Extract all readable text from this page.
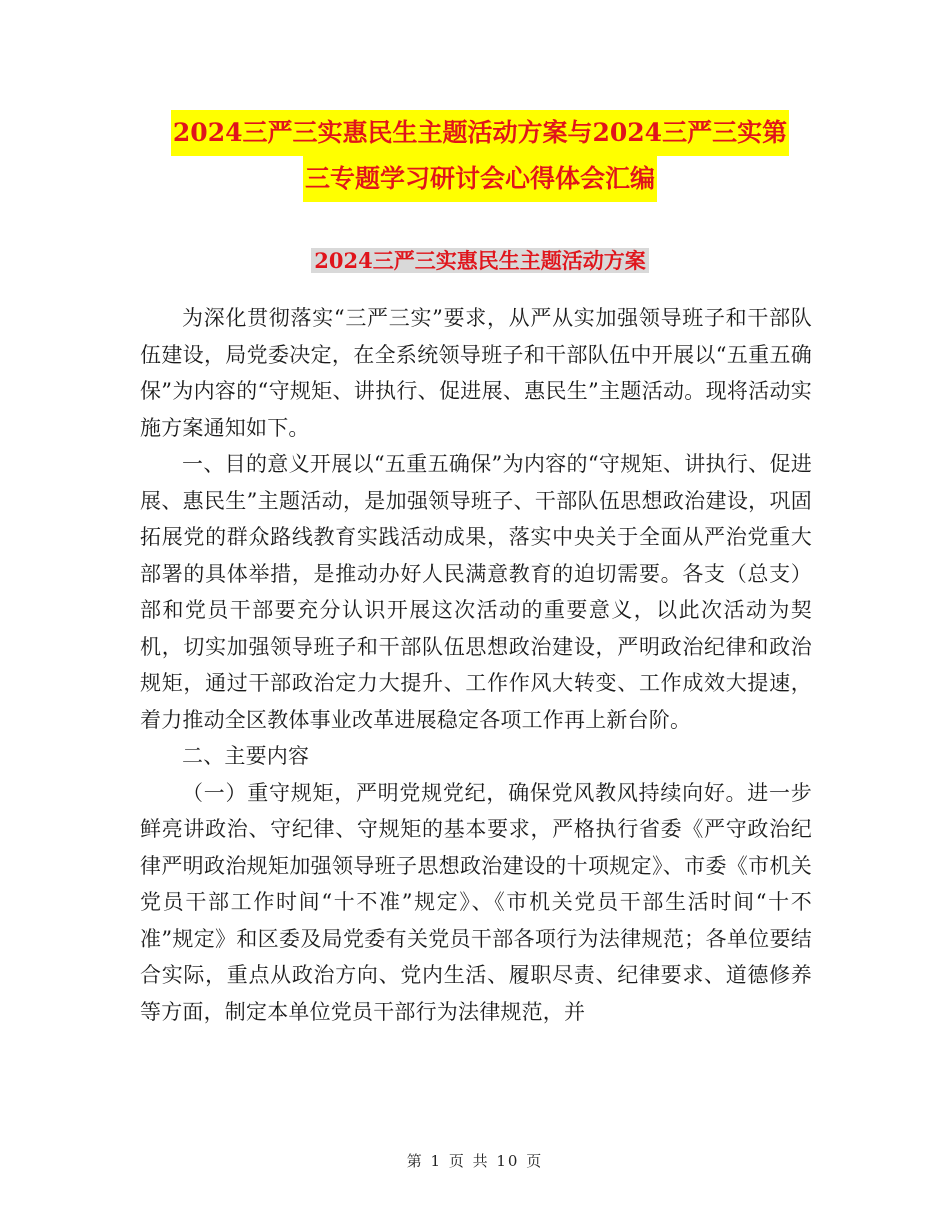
2024三严三实惠民生主题活动方案与2024三严三实第
三专题学习研讨会心得体会汇编
2024三严三实惠民生主题活动方案

为深化贯彻落实“三严三实”要求，从严从实加强领导班子和干部队伍建设，局党委决定，在全系统领导班子和干部队伍中开展以“五重五确保”为内容的“守规矩、讲执行、促进展、惠民生”主题活动。现将活动实施方案通知如下。

一、目的意义开展以“五重五确保”为内容的“守规矩、讲执行、促进展、惠民生”主题活动，是加强领导班子、干部队伍思想政治建设，巩固拓展党的群众路线教育实践活动成果，落实中央关于全面从严治党重大部署的具体举措，是推动办好人民满意教育的迫切需要。各支（总支）部和党员干部要充分认识开展这次活动的重要意义，以此次活动为契机，切实加强领导班子和干部队伍思想政治建设，严明政治纪律和政治规矩，通过干部政治定力大提升、工作作风大转变、工作成效大提速，着力推动全区教体事业改革进展稳定各项工作再上新台阶。

二、主要内容

（一）重守规矩，严明党规党纪，确保党风教风持续向好。进一步鲜亮讲政治、守纪律、守规矩的基本要求，严格执行省委《严守政治纪律严明政治规矩加强领导班子思想政治建设的十项规定》、市委《市机关党员干部工作时间“十不准”规定》、《市机关党员干部生活时间“十不准”规定》和区委及局党委有关党员干部各项行为法律规范；各单位要结合实际，重点从政治方向、党内生活、履职尽责、纪律要求、道德修养等方面，制定本单位党员干部行为法律规范，并

第 1 页 共 10 页
